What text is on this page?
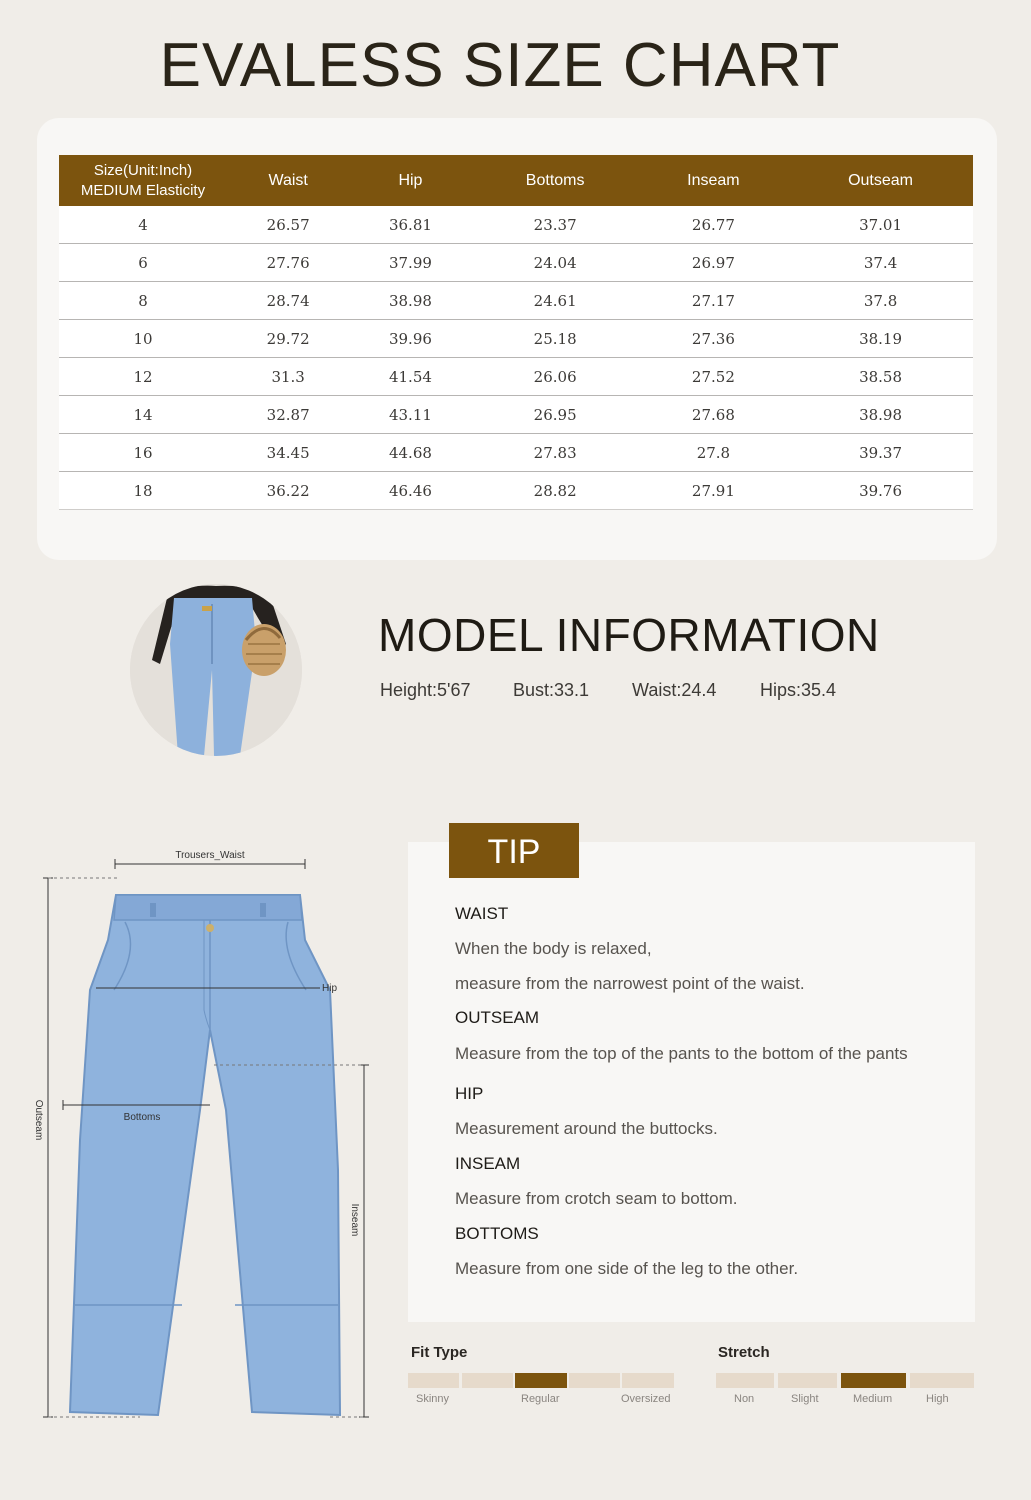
EVALESS SIZE CHART
Size(Unit:Inch)
MEDIUM Elasticity	Waist	Hip	Bottoms	Inseam	Outseam
4	26.57	36.81	23.37	26.77	37.01
6	27.76	37.99	24.04	26.97	37.4
8	28.74	38.98	24.61	27.17	37.8
10	29.72	39.96	25.18	27.36	38.19
12	31.3	41.54	26.06	27.52	38.58
14	32.87	43.11	26.95	27.68	38.98
16	34.45	44.68	27.83	27.8	39.37
18	36.22	46.46	28.82	27.91	39.76
MODEL INFORMATION
Height:5'67 Bust:33.1 Waist:24.4 Hips:35.4
Trousers_Waist
Hip
Bottoms
Outseam
Inseam
TIP
WAIST
When the body is relaxed,
measure from the narrowest point of the waist.
OUTSEAM
Measure from the top of the pants to the bottom of the pants
HIP
Measurement around the buttocks.
INSEAM
Measure from crotch seam to bottom.
BOTTOMS
Measure from one side of the leg to the other.
Fit Type
Skinny	Regular	Oversized
Stretch
Non	Slight	Medium	High
